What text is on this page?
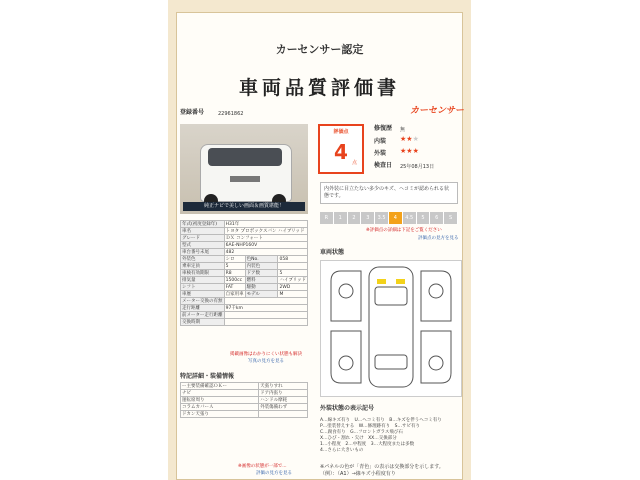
カーセンサー認定
車両品質評価書
登録番号	22961862	カーセンサー
純正ナビで美しい画面＆画質堪能！
年式(初度登録年)	H31年		
車名	トヨタ プロボックスバン ハイブリッド		
グレード	ＤＸ コンフォート		
型式	6AE-NHP160V		
車台番号末尾	482		
外装色	シロ	色No.	058
乗車定員	5	内装色	
車検有効期限	R8	ドア数	5
排気量	1500cc	燃料	ハイブリッド
シフト	FAT	駆動	2WD
車歴	自家用車	モデル	M
メーター交換の有無			
走行距離	97千km		
前メーター走行距離			
交換時期			
掲載画像はわかりにくい状態も解決
写真の見方を見る
特記詳細・装備情報
ー主要装備確認ＯＫー	天張りすれ
ナビ	ドア内張り
運転席周り	ハンドル摩耗
コラムカバーＡ	外装傷備わず
ドカン天張り	
※画像の状態が一部で...
評価の見方を見る
評価点
4 点
修復歴 無
内装 ★★★
外装 ★★★
検査日 25年08月13日
内外装に目立たない多少のキズ、ヘコミが認められる状態です。
R	1	2	3	3.5	4	4.5	5	6	S
※評価点の詳細は下記をご覧ください
評価点の見方を見る
車両状態
外装状態の表示記号
A…線キズ有り　U…ヘコミ有り　B…キズを伴うヘコミ有り
P…塗装替えする　W…修理跡有り　S…サビ有り
C…腐食有り　G…フロントガラス飛び石
X…ひび・割れ・欠け　XX…交換部分
1…小程度　2…中程度　3…大程度または多数
4…さらに大きいもの
※パネルの色が「青色」の表示は交換部分を示します。
（例）：（A1）→線キズ小程度有り
